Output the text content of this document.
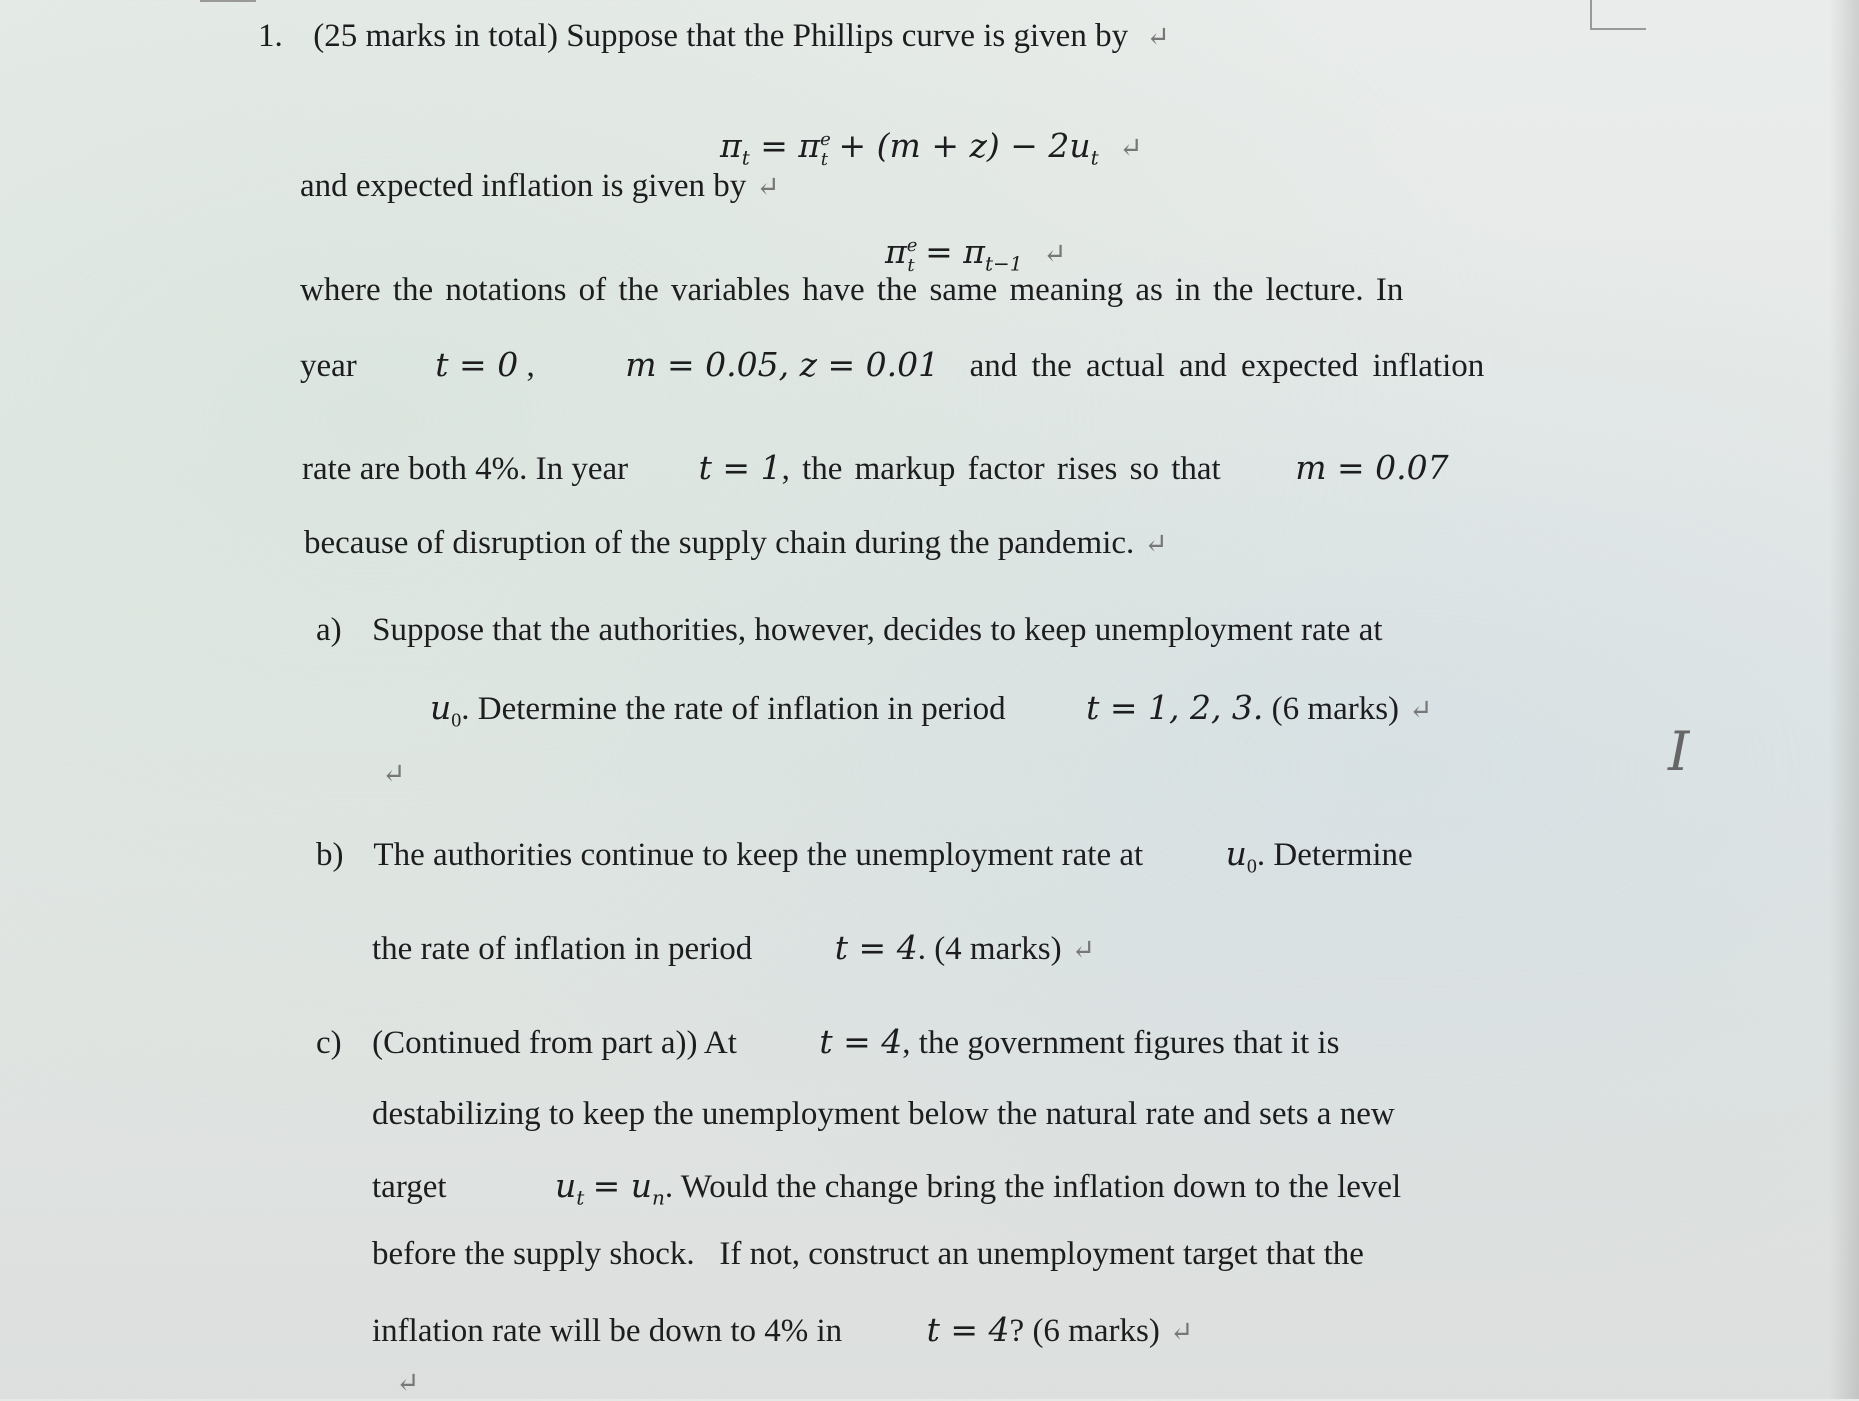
1. (25 marks in total) Suppose that the Phillips curve is given by ↵
$\pi_t = \pi^e_t + (m + z) - 2u_t$ ↵
and expected inflation is given by ↵
$\pi^e_t = \pi_{t-1}$ ↵
where the notations of the variables have the same meaning as in the lecture. In
year t = 0 ,	m = 0.05, z = 0.01 and the actual and expected inflation
rate are both 4%. In year t = 1, the markup factor rises so that m = 0.07
because of disruption of the supply chain during the pandemic. ↵
a) Suppose that the authorities, however, decides to keep unemployment rate at
$u_0$. Determine the rate of inflation in period t = 1, 2, 3. (6 marks) ↵
↵
b) The authorities continue to keep the unemployment rate at	$u_0$. Determine
the rate of inflation in period	t = 4. (4 marks) ↵
c) (Continued from part a)) At	t = 4, the government figures that it is
destabilizing to keep the unemployment below the natural rate and sets a new
target	$u_t = u_n$. Would the change bring the inflation down to the level
before the supply shock.   If not, construct an unemployment target that the
inflation rate will be down to 4% in	t = 4? (6 marks) ↵
↵
I
